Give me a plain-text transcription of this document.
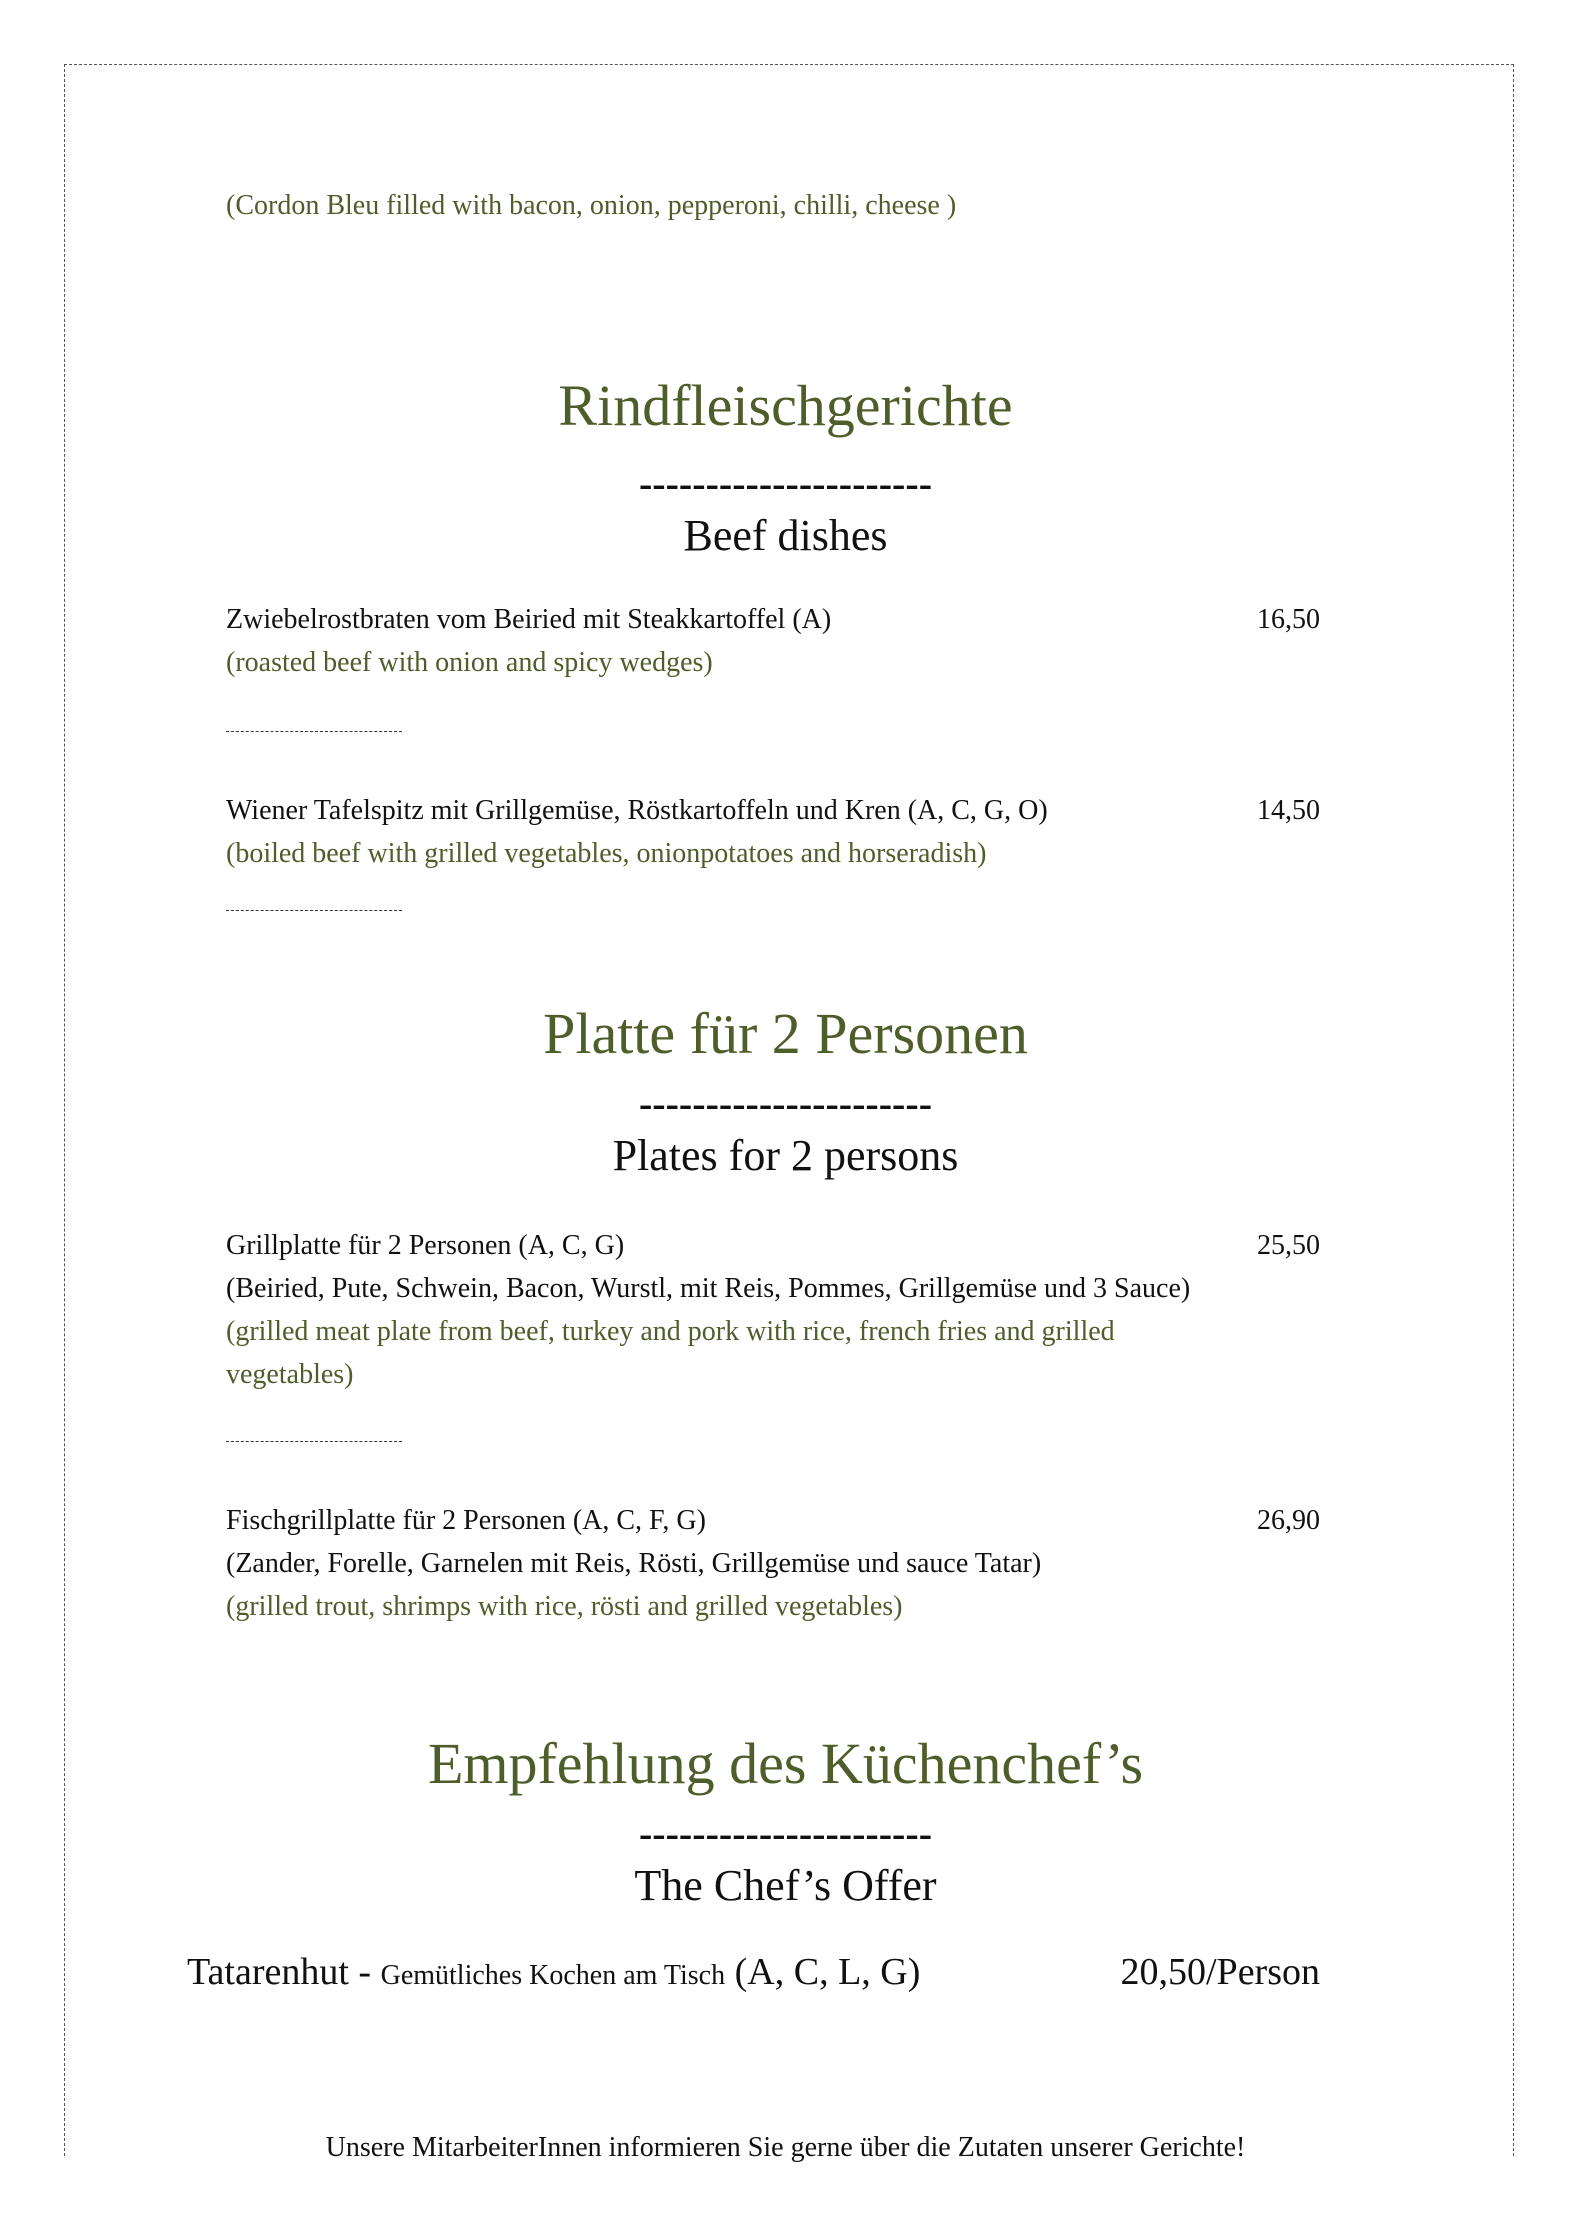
(Cordon Bleu filled with bacon, onion, pepperoni, chilli, cheese )
Rindfleischgerichte
----------------------
Beef dishes
Zwiebelrostbraten vom Beiried mit Steakkartoffel (A)	16,50
(roasted beef with onion and spicy wedges)
Wiener Tafelspitz mit Grillgemüse, Röstkartoffeln und Kren (A, C, G, O)	14,50
(boiled beef with grilled vegetables, onionpotatoes and horseradish)
Platte für 2 Personen
----------------------
Plates for 2 persons
Grillplatte für 2 Personen (A, C, G)	25,50
(Beiried, Pute, Schwein, Bacon, Wurstl, mit Reis, Pommes, Grillgemüse und 3 Sauce)
(grilled meat plate from beef, turkey and pork with rice, french fries and grilled
vegetables)
Fischgrillplatte für 2 Personen (A, C, F, G)	26,90
(Zander, Forelle, Garnelen mit Reis, Rösti, Grillgemüse und sauce Tatar)
(grilled trout, shrimps with rice, rösti and grilled vegetables)
Empfehlung des Küchenchef’s
----------------------
The Chef’s Offer
Tatarenhut - Gemütliches Kochen am Tisch (A, C, L, G)	20,50/Person
Unsere MitarbeiterInnen informieren Sie gerne über die Zutaten unserer Gerichte!
